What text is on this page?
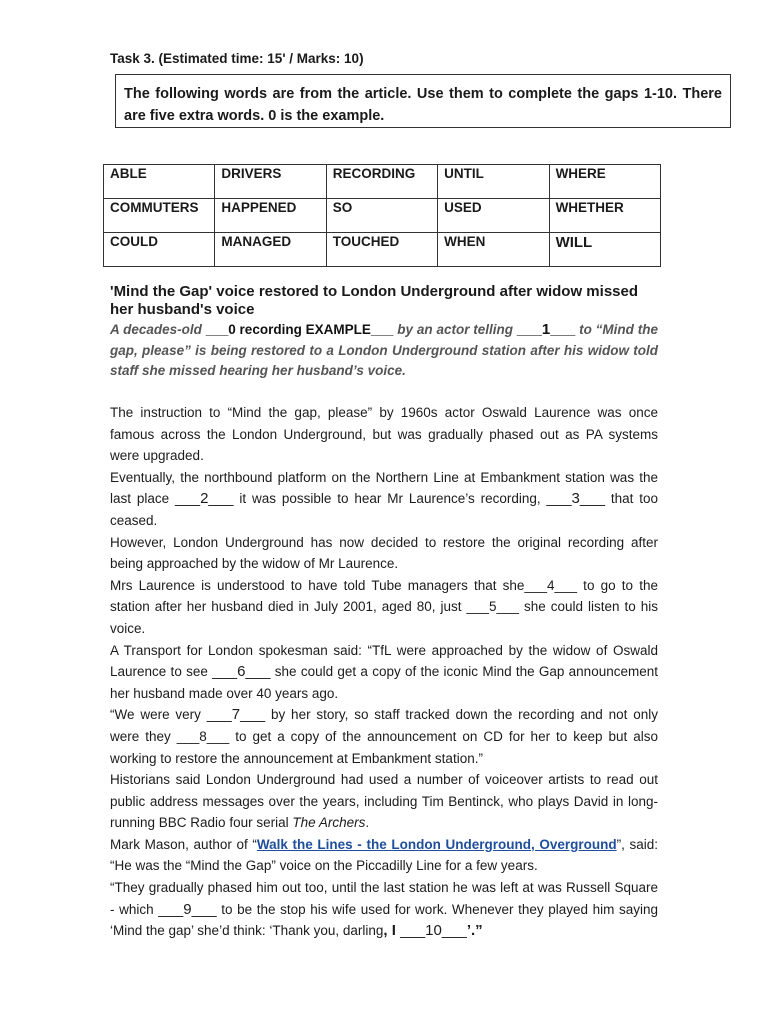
Task 3. (Estimated time: 15' / Marks: 10)
The following words are from the article. Use them to complete the gaps 1-10. There are five extra words. 0 is the example.
ABLE	DRIVERS	RECORDING	UNTIL	WHERE
COMMUTERS	HAPPENED	SO	USED	WHETHER
COULD	MANAGED	TOUCHED	WHEN	WILL
'Mind the Gap' voice restored to London Underground after widow missed her husband's voice
A decades-old ___0 recording EXAMPLE___ by an actor telling ___1___ to “Mind the gap, please” is being restored to a London Underground station after his widow told staff she missed hearing her husband’s voice.

The instruction to “Mind the gap, please” by 1960s actor Oswald Laurence was once famous across the London Underground, but was gradually phased out as PA systems were upgraded.

Eventually, the northbound platform on the Northern Line at Embankment station was the last place ___2___ it was possible to hear Mr Laurence’s recording, ___3___ that too ceased.

However, London Underground has now decided to restore the original recording after being approached by the widow of Mr Laurence.

Mrs Laurence is understood to have told Tube managers that she___4___ to go to the station after her husband died in July 2001, aged 80, just ___5___ she could listen to his voice.

A Transport for London spokesman said: “TfL were approached by the widow of Oswald Laurence to see ___6___ she could get a copy of the iconic Mind the Gap announcement her husband made over 40 years ago.

“We were very ___7___ by her story, so staff tracked down the recording and not only were they ___8___ to get a copy of the announcement on CD for her to keep but also working to restore the announcement at Embankment station.”

Historians said London Underground had used a number of voiceover artists to read out public address messages over the years, including Tim Bentinck, who plays David in long-running BBC Radio four serial The Archers.

Mark Mason, author of “Walk the Lines - the London Underground, Overground”, said: “He was the “Mind the Gap” voice on the Piccadilly Line for a few years.

“They gradually phased him out too, until the last station he was left at was Russell Square - which ___9___ to be the stop his wife used for work. Whenever they played him saying ‘Mind the gap’ she’d think: ‘Thank you, darling, I ___10___’.”
